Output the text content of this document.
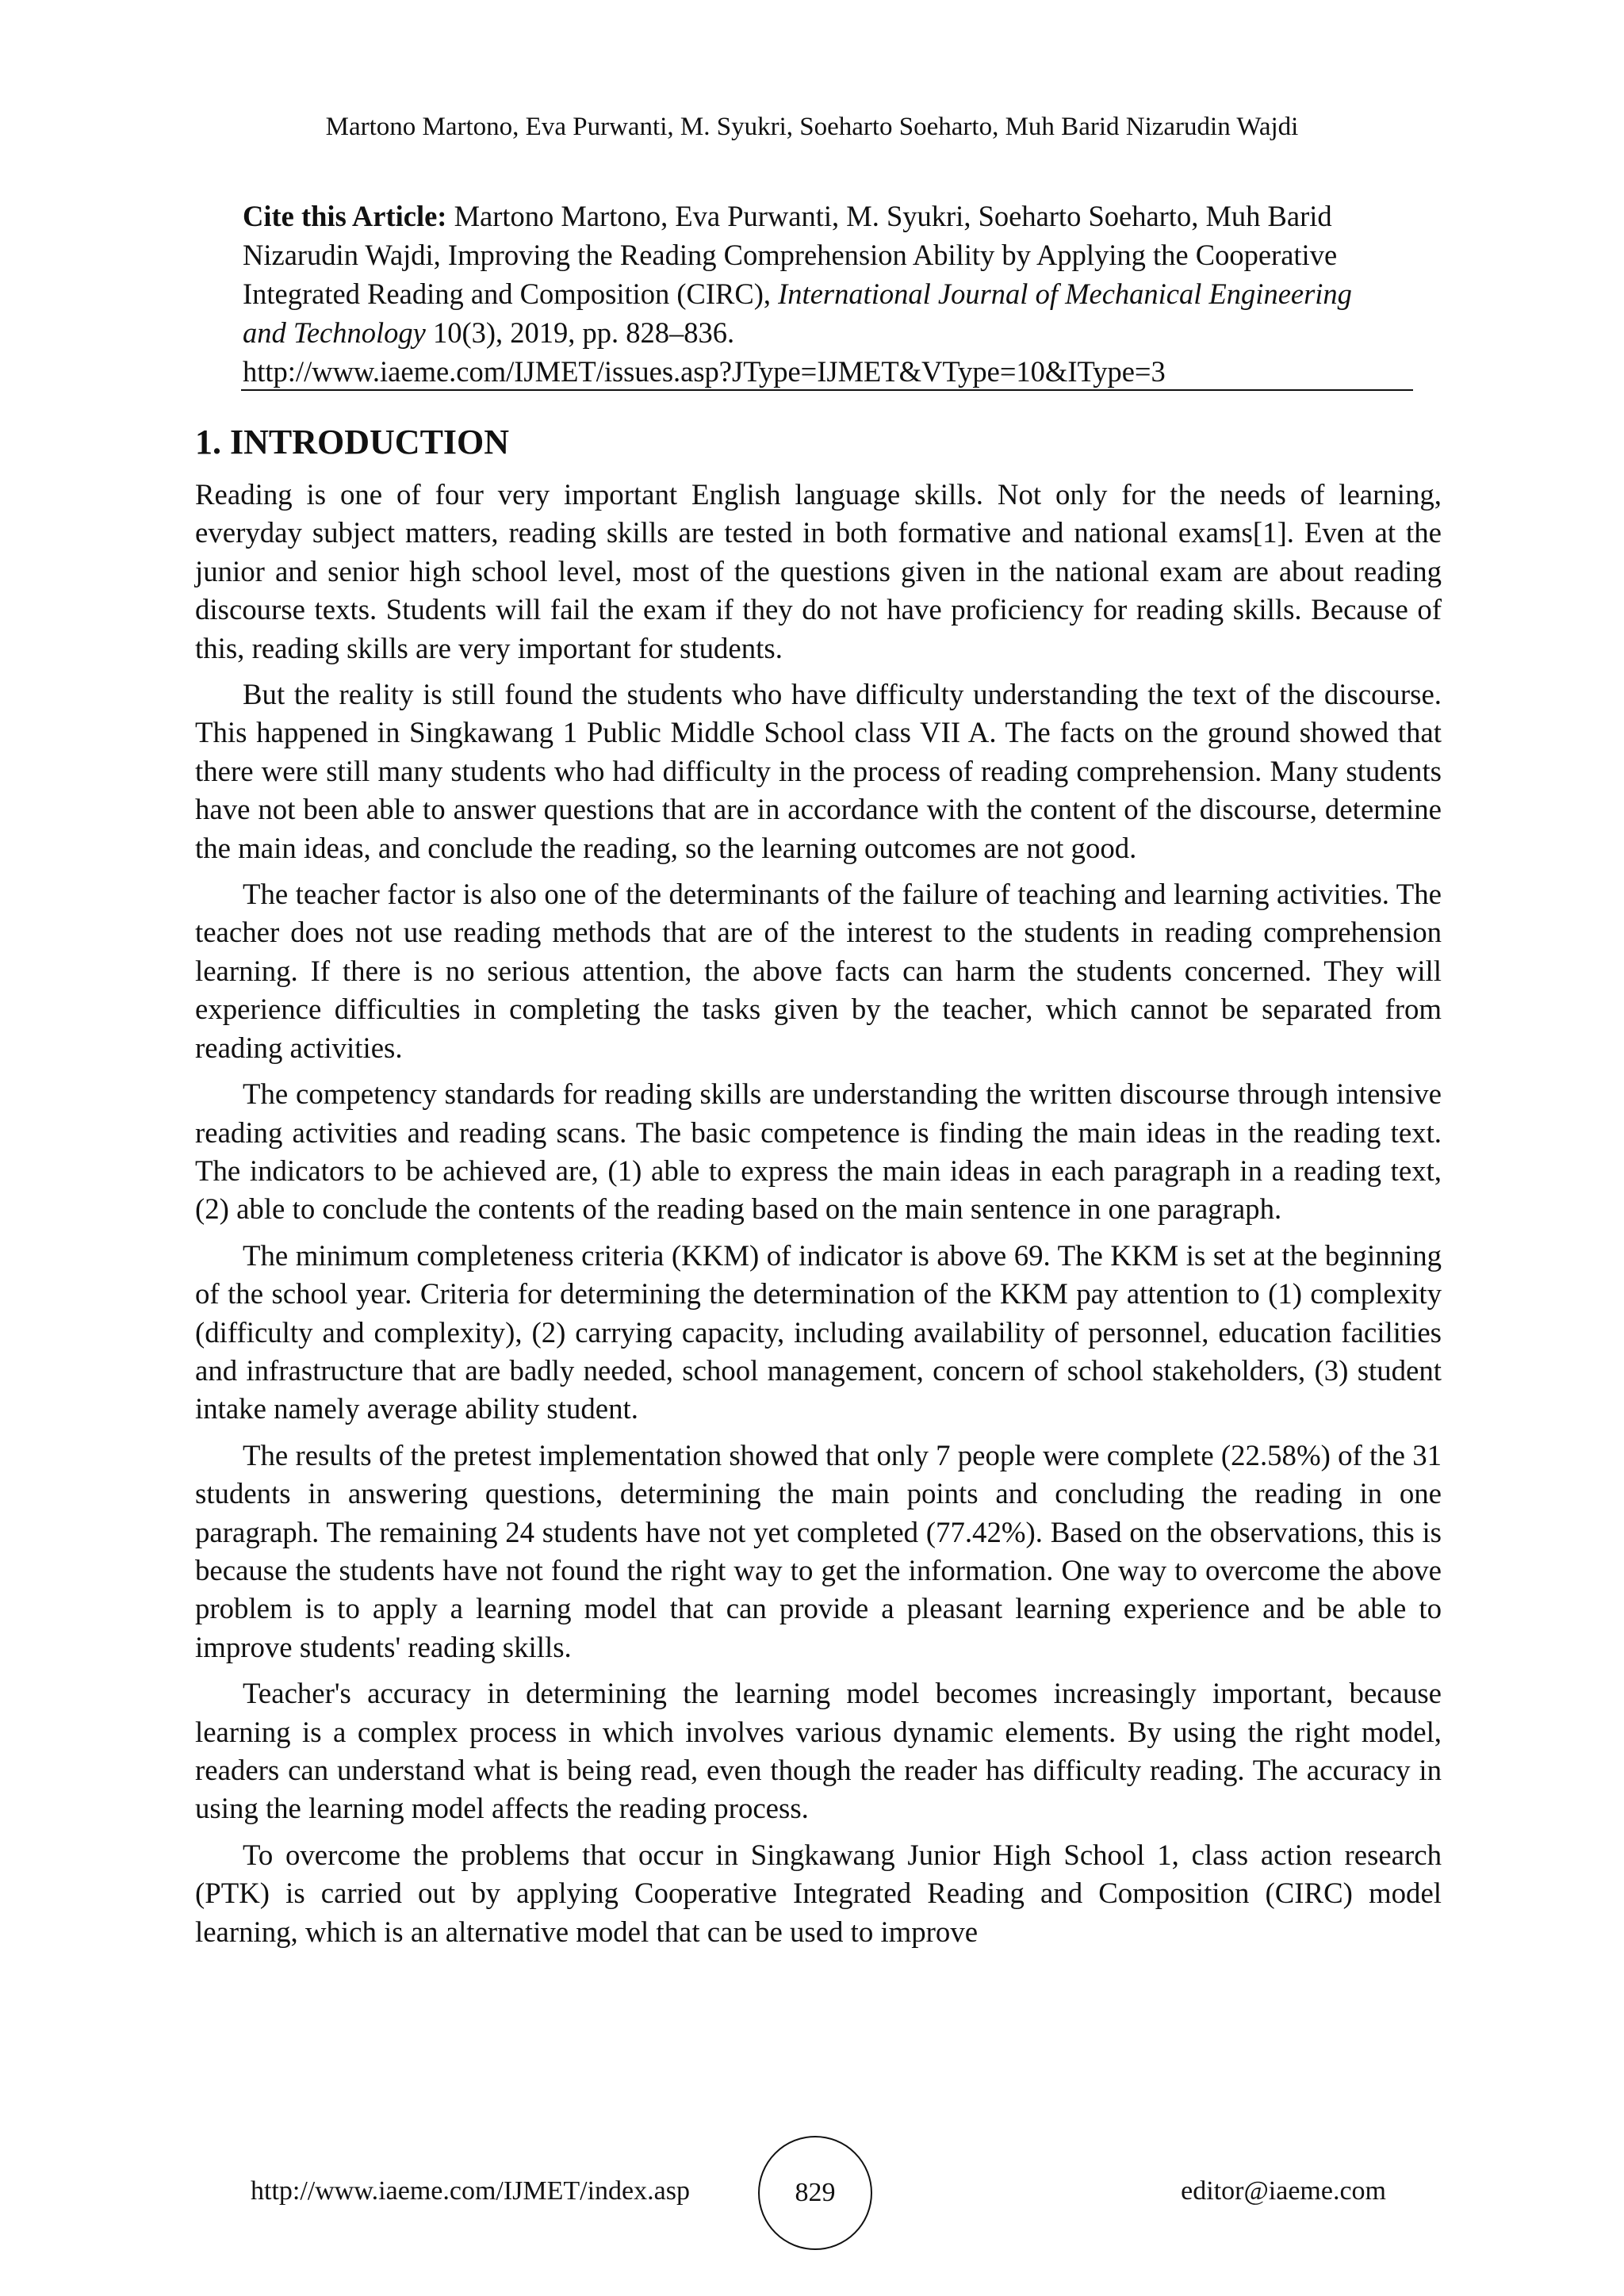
Martono Martono, Eva Purwanti, M. Syukri, Soeharto Soeharto, Muh Barid Nizarudin Wajdi

Cite this Article: Martono Martono, Eva Purwanti, M. Syukri, Soeharto Soeharto, Muh Barid Nizarudin Wajdi, Improving the Reading Comprehension Ability by Applying the Cooperative Integrated Reading and Composition (CIRC), International Journal of Mechanical Engineering and Technology 10(3), 2019, pp. 828–836.

http://www.iaeme.com/IJMET/issues.asp?JType=IJMET&VType=10&IType=3
1. INTRODUCTION

Reading is one of four very important English language skills. Not only for the needs of learning, everyday subject matters, reading skills are tested in both formative and national exams[1]. Even at the junior and senior high school level, most of the questions given in the national exam are about reading discourse texts. Students will fail the exam if they do not have proficiency for reading skills. Because of this, reading skills are very important for students.

But the reality is still found the students who have difficulty understanding the text of the discourse. This happened in Singkawang 1 Public Middle School class VII A. The facts on the ground showed that there were still many students who had difficulty in the process of reading comprehension. Many students have not been able to answer questions that are in accordance with the content of the discourse, determine the main ideas, and conclude the reading, so the learning outcomes are not good.

The teacher factor is also one of the determinants of the failure of teaching and learning activities. The teacher does not use reading methods that are of the interest to the students in reading comprehension learning. If there is no serious attention, the above facts can harm the students concerned. They will experience difficulties in completing the tasks given by the teacher, which cannot be separated from reading activities.

The competency standards for reading skills are understanding the written discourse through intensive reading activities and reading scans. The basic competence is finding the main ideas in the reading text. The indicators to be achieved are, (1) able to express the main ideas in each paragraph in a reading text, (2) able to conclude the contents of the reading based on the main sentence in one paragraph.

The minimum completeness criteria (KKM) of indicator is above 69. The KKM is set at the beginning of the school year. Criteria for determining the determination of the KKM pay attention to (1) complexity (difficulty and complexity), (2) carrying capacity, including availability of personnel, education facilities and infrastructure that are badly needed, school management, concern of school stakeholders, (3) student intake namely average ability student.

The results of the pretest implementation showed that only 7 people were complete (22.58%) of the 31 students in answering questions, determining the main points and concluding the reading in one paragraph. The remaining 24 students have not yet completed (77.42%). Based on the observations, this is because the students have not found the right way to get the information. One way to overcome the above problem is to apply a learning model that can provide a pleasant learning experience and be able to improve students' reading skills.

Teacher's accuracy in determining the learning model becomes increasingly important, because learning is a complex process in which involves various dynamic elements. By using the right model, readers can understand what is being read, even though the reader has difficulty reading. The accuracy in using the learning model affects the reading process.

To overcome the problems that occur in Singkawang Junior High School 1, class action research (PTK) is carried out by applying Cooperative Integrated Reading and Composition (CIRC) model learning, which is an alternative model that can be used to improve

http://www.iaeme.com/IJMET/index.asp	829	editor@iaeme.com
